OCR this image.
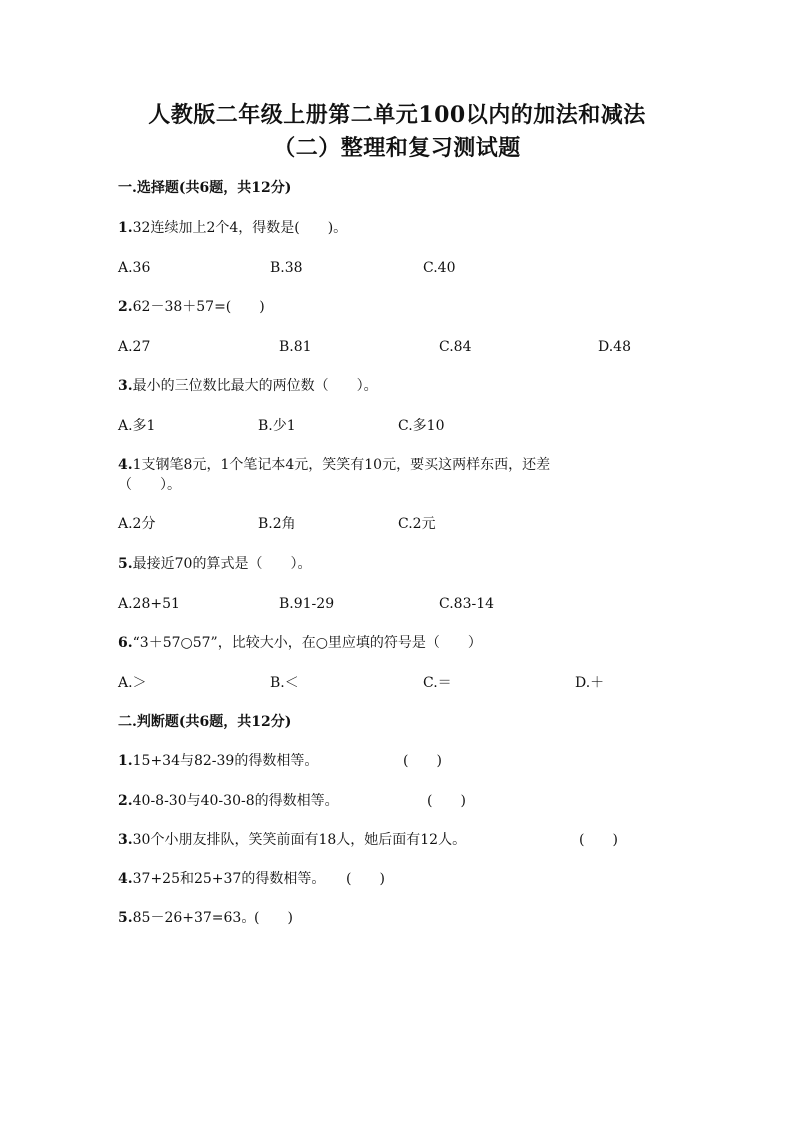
人教版二年级上册第二单元100以内的加法和减法
（二）整理和复习测试题
一.选择题(共6题，共12分)
1.32连续加上2个4，得数是(　　)。
A.36	B.38	C.40
2.62－38＋57=(　　)
A.27	B.81	C.84	D.48
3.最小的三位数比最大的两位数（　　）。
A.多1	B.少1	C.多10
4.1支钢笔8元，1个笔记本4元，笑笑有10元，要买这两样东西，还差
（　　）。
A.2分	B.2角	C.2元
5.最接近70的算式是（　　）。
A.28+51	B.91-29	C.83-14
6.“3＋57○57”，比较大小，在○里应填的符号是（　　）
A.＞	B.＜	C.＝	D.＋
二.判断题(共6题，共12分)
1.15+34与82-39的得数相等。	(　　)
2.40-8-30与40-30-8的得数相等。	(　　)
3.30个小朋友排队，笑笑前面有18人，她后面有12人。	(　　)
4.37+25和25+37的得数相等。 (　　)
5.85－26+37=63。
(　　)
